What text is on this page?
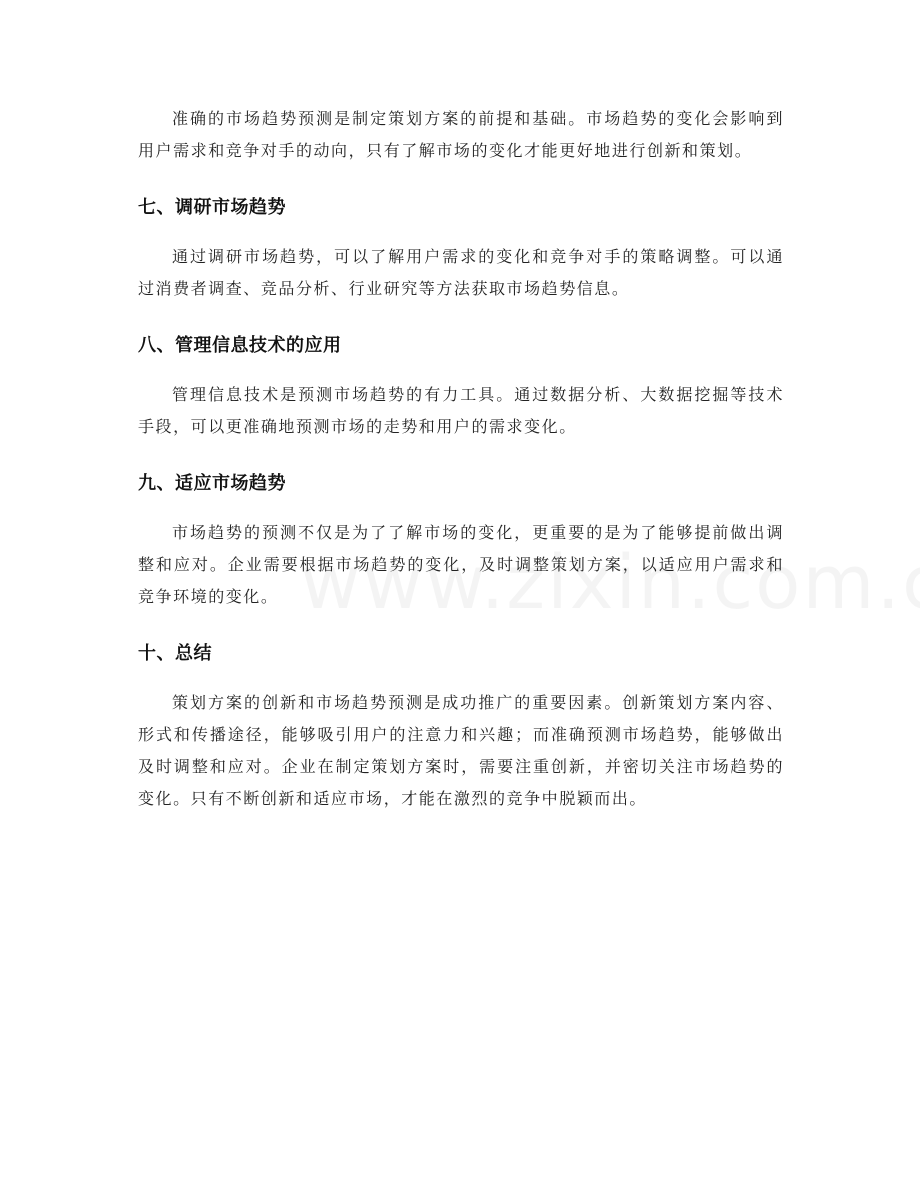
准确的市场趋势预测是制定策划方案的前提和基础。市场趋势的变化会影响到用户需求和竞争对手的动向，只有了解市场的变化才能更好地进行创新和策划。

七、调研市场趋势

通过调研市场趋势，可以了解用户需求的变化和竞争对手的策略调整。可以通过消费者调查、竞品分析、行业研究等方法获取市场趋势信息。

八、管理信息技术的应用

管理信息技术是预测市场趋势的有力工具。通过数据分析、大数据挖掘等技术手段，可以更准确地预测市场的走势和用户的需求变化。

九、适应市场趋势

市场趋势的预测不仅是为了了解市场的变化，更重要的是为了能够提前做出调整和应对。企业需要根据市场趋势的变化，及时调整策划方案，以适应用户需求和竞争环境的变化。

十、总结

策划方案的创新和市场趋势预测是成功推广的重要因素。创新策划方案内容、形式和传播途径，能够吸引用户的注意力和兴趣；而准确预测市场趋势，能够做出及时调整和应对。企业在制定策划方案时，需要注重创新，并密切关注市场趋势的变化。只有不断创新和适应市场，才能在激烈的竞争中脱颖而出。
